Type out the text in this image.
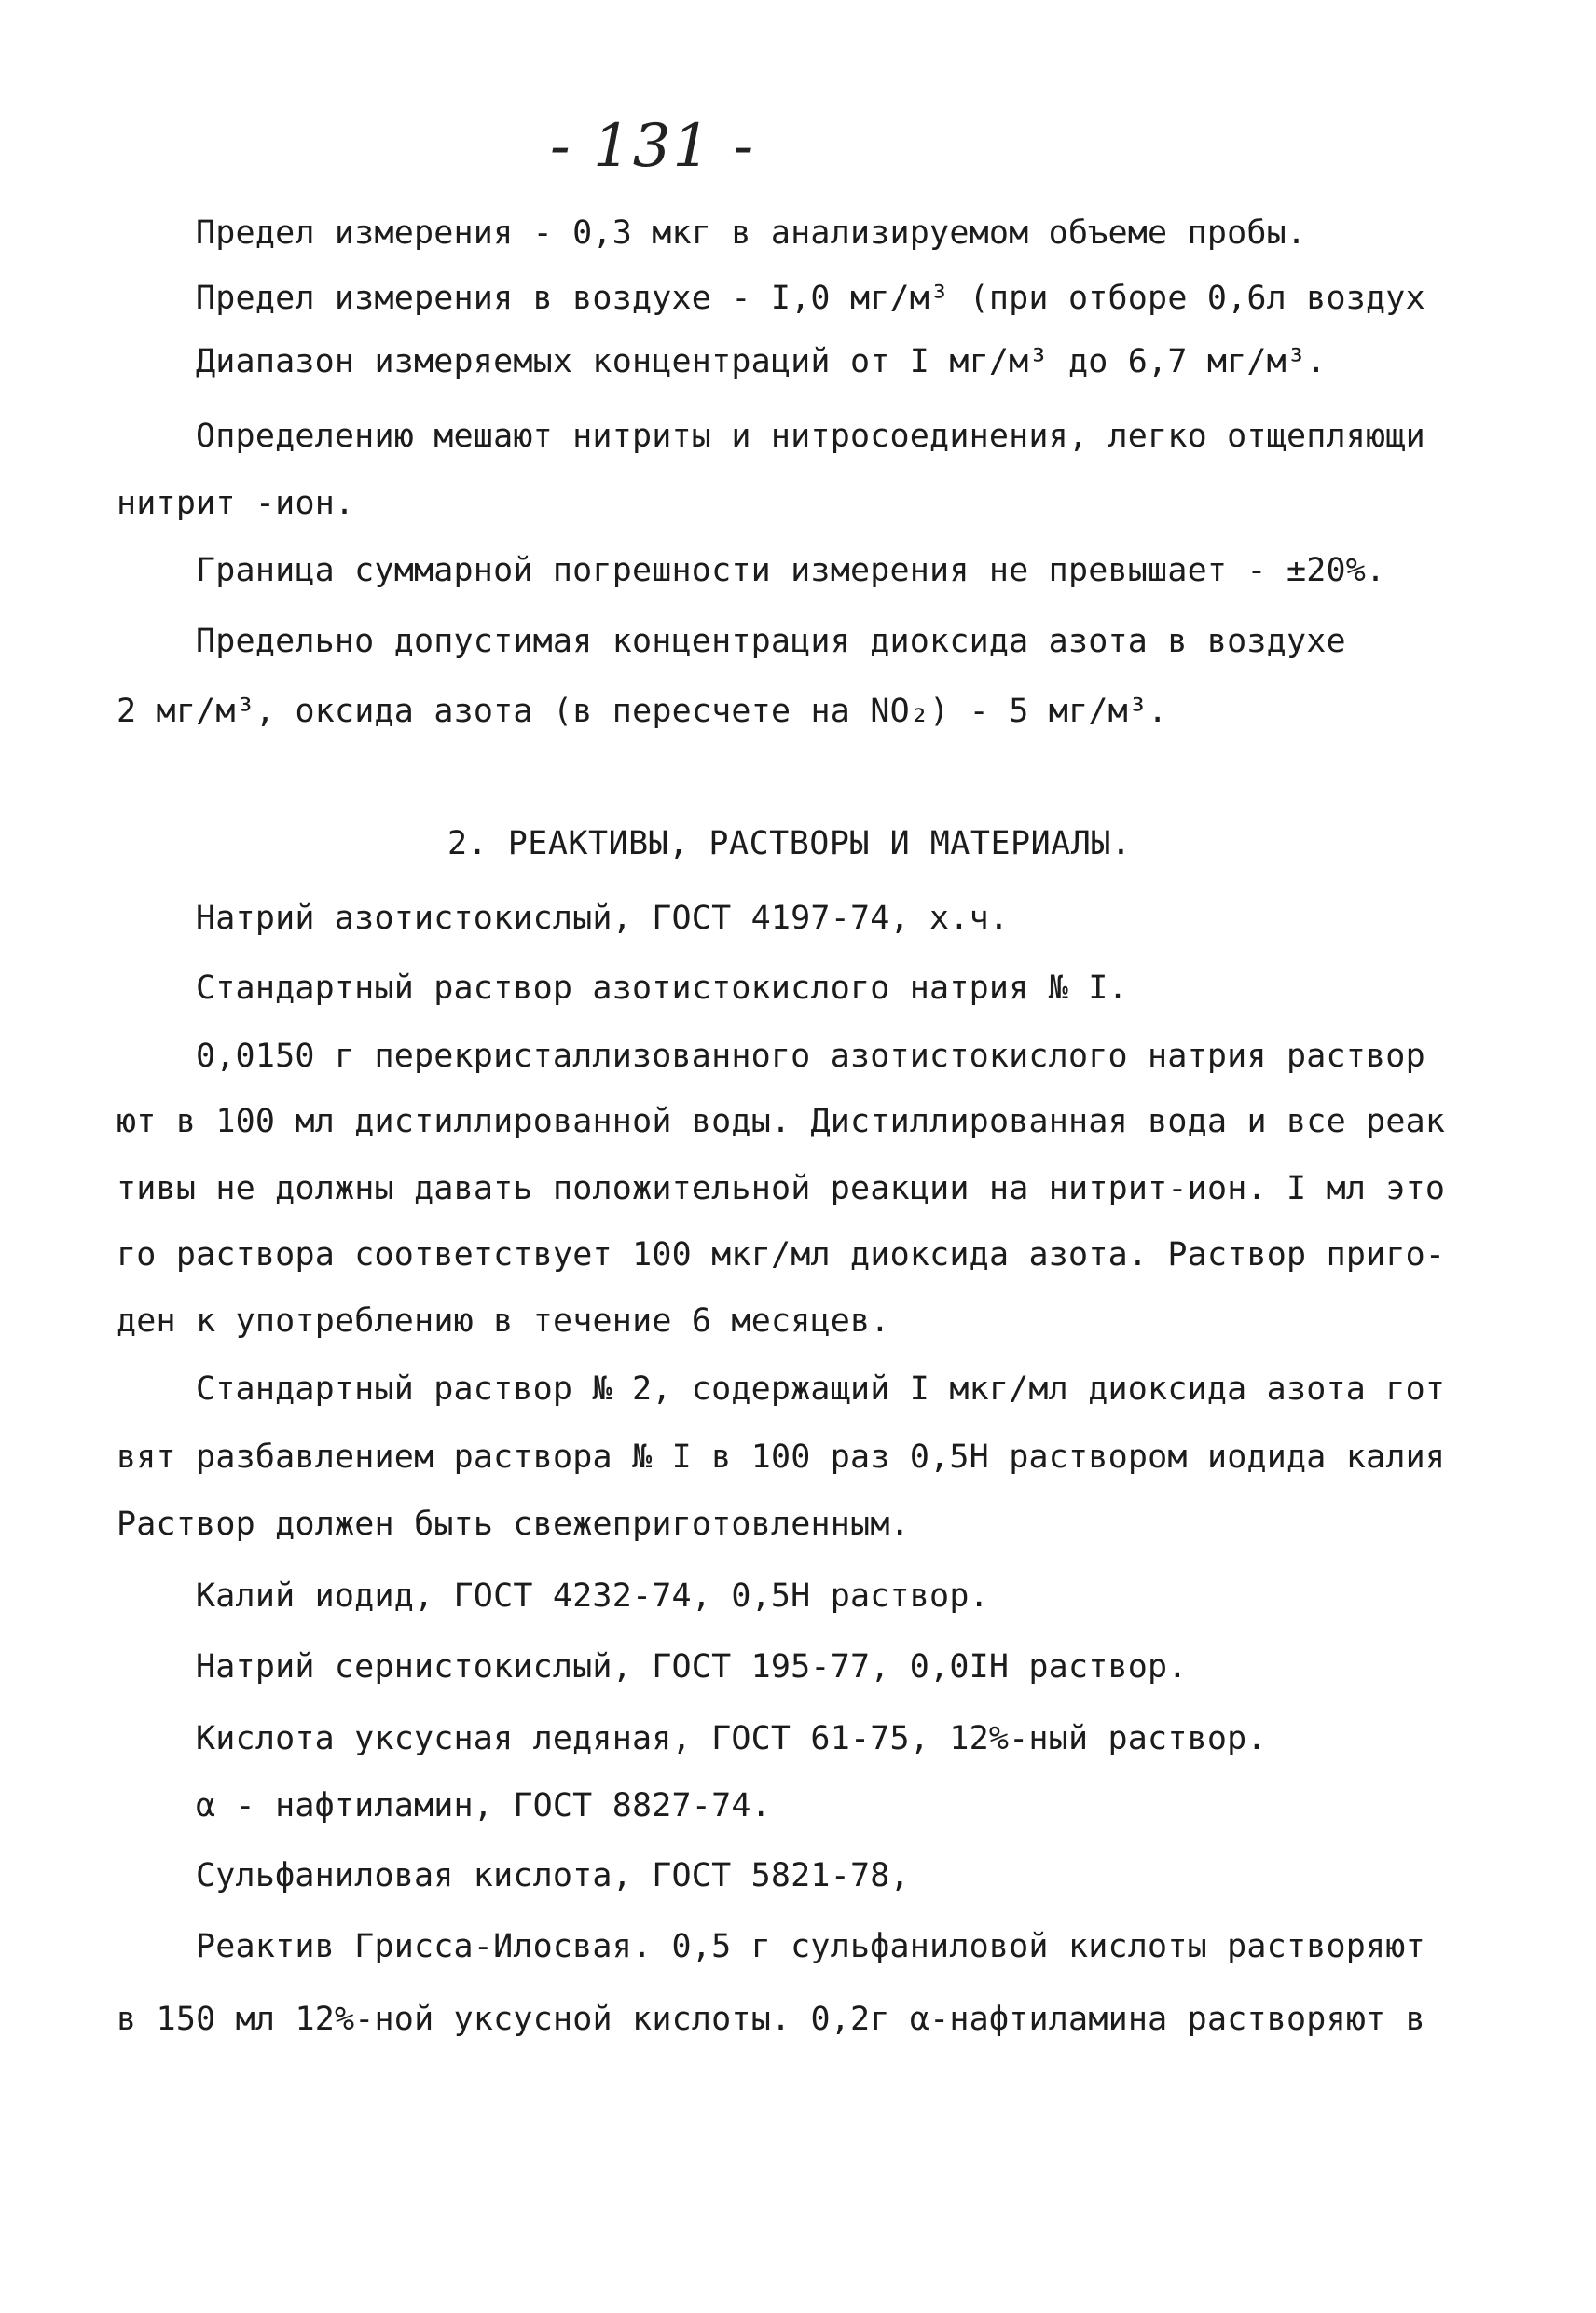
- 131 -
Предел измерения - 0,3 мкг в анализируемом объеме пробы.
Предел измерения в воздухе - I,0 мг/м³ (при отборе 0,6л воздух
Диапазон измеряемых концентраций от I мг/м³ до 6,7 мг/м³.
Определению мешают нитриты и нитросоединения, легко отщепляющи
нитрит -ион.
Граница суммарной погрешности измерения не превышает - ±20%.
Предельно допустимая концентрация диоксида азота в воздухе
2 мг/м³, оксида азота (в пересчете на NO₂) - 5 мг/м³.
2. РЕАКТИВЫ, РАСТВОРЫ И МАТЕРИАЛЫ.
Натрий азотистокислый, ГОСТ 4197-74, х.ч.
Стандартный раствор азотистокислого натрия № I.
0,0150 г перекристаллизованного азотистокислого натрия раствор
ют в 100 мл дистиллированной воды. Дистиллированная вода и все реак
тивы не должны давать положительной реакции на нитрит-ион. I мл это
го раствора соответствует 100 мкг/мл диоксида азота. Раствор приго-
ден к употреблению в течение 6 месяцев.
Стандартный раствор № 2, содержащий I мкг/мл диоксида азота гот
вят разбавлением раствора № I в 100 раз 0,5Н раствором иодида калия
Раствор должен быть свежеприготовленным.
Калий иодид, ГОСТ 4232-74, 0,5Н раствор.
Натрий сернистокислый, ГОСТ 195-77, 0,0IН раствор.
Кислота уксусная ледяная, ГОСТ 61-75, 12%-ный раствор.
α - нафтиламин, ГОСТ 8827-74.
Сульфаниловая кислота, ГОСТ 5821-78,
Реактив Грисса-Илосвая. 0,5 г сульфаниловой кислоты растворяют
в 150 мл 12%-ной уксусной кислоты. 0,2г α-нафтиламина растворяют в
